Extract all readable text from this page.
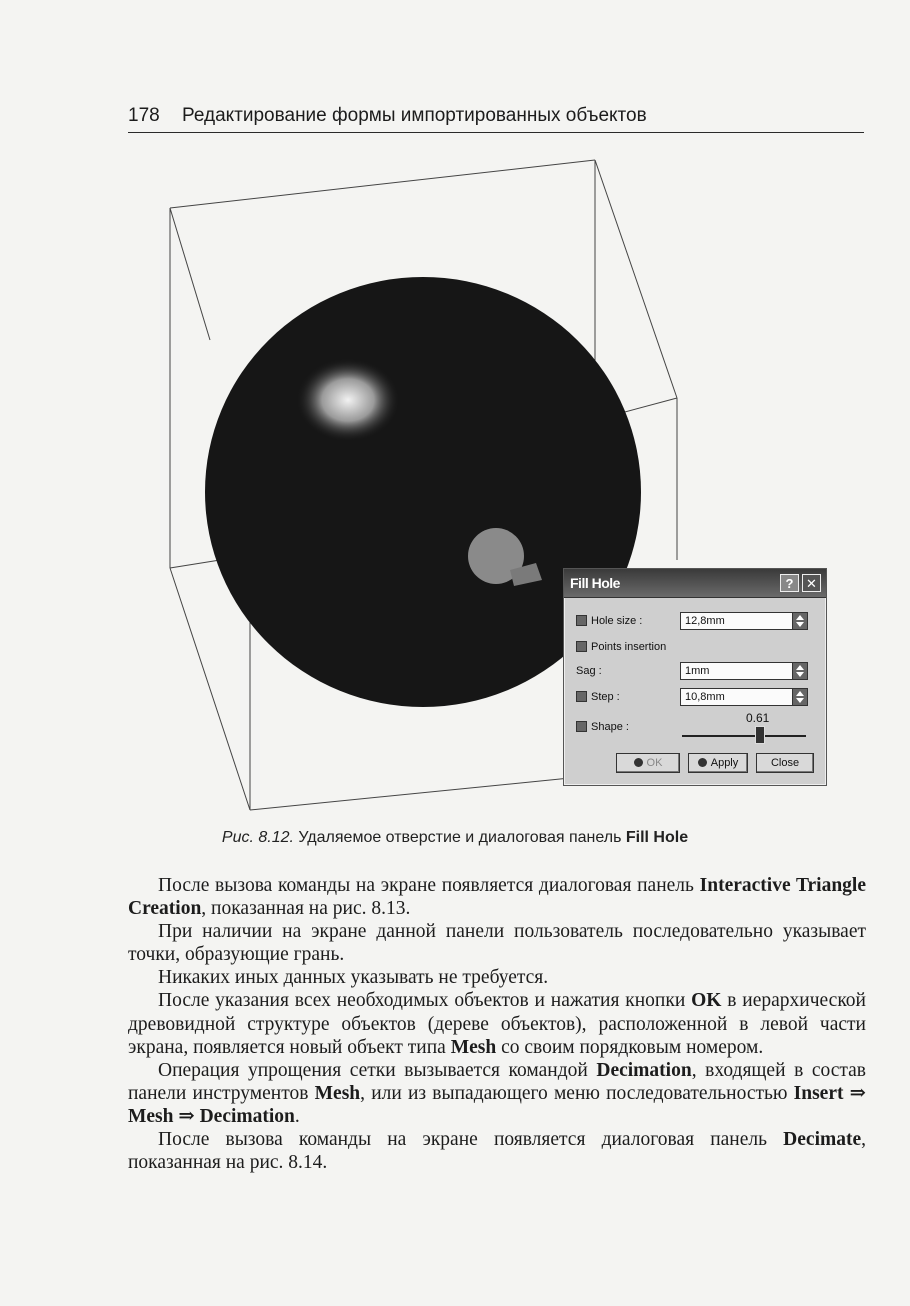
178 Редактирование формы импортированных объектов
Fill Hole	? ✕
Hole size :	12,8mm
Points insertion
Sag :	1mm
Step :	10,8mm
Shape :
0.61
OK	Apply	Close
Рис. 8.12. Удаляемое отверстие и диалоговая панель Fill Hole

После вызова команды на экране появляется диалоговая панель Interactive Triangle Creation, показанная на рис. 8.13.

При наличии на экране данной панели пользователь последовательно указывает точки, образующие грань.

Никаких иных данных указывать не требуется.

После указания всех необходимых объектов и нажатия кнопки OK в иерархической древовидной структуре объектов (дереве объектов), расположенной в левой части экрана, появляется новый объект типа Mesh со своим порядковым номером.

Операция упрощения сетки вызывается командой Decimation, входящей в состав панели инструментов Mesh, или из выпадающего меню последовательностью Insert ⇒ Mesh ⇒ Decimation.

После вызова команды на экране появляется диалоговая панель Decimate, показанная на рис. 8.14.
